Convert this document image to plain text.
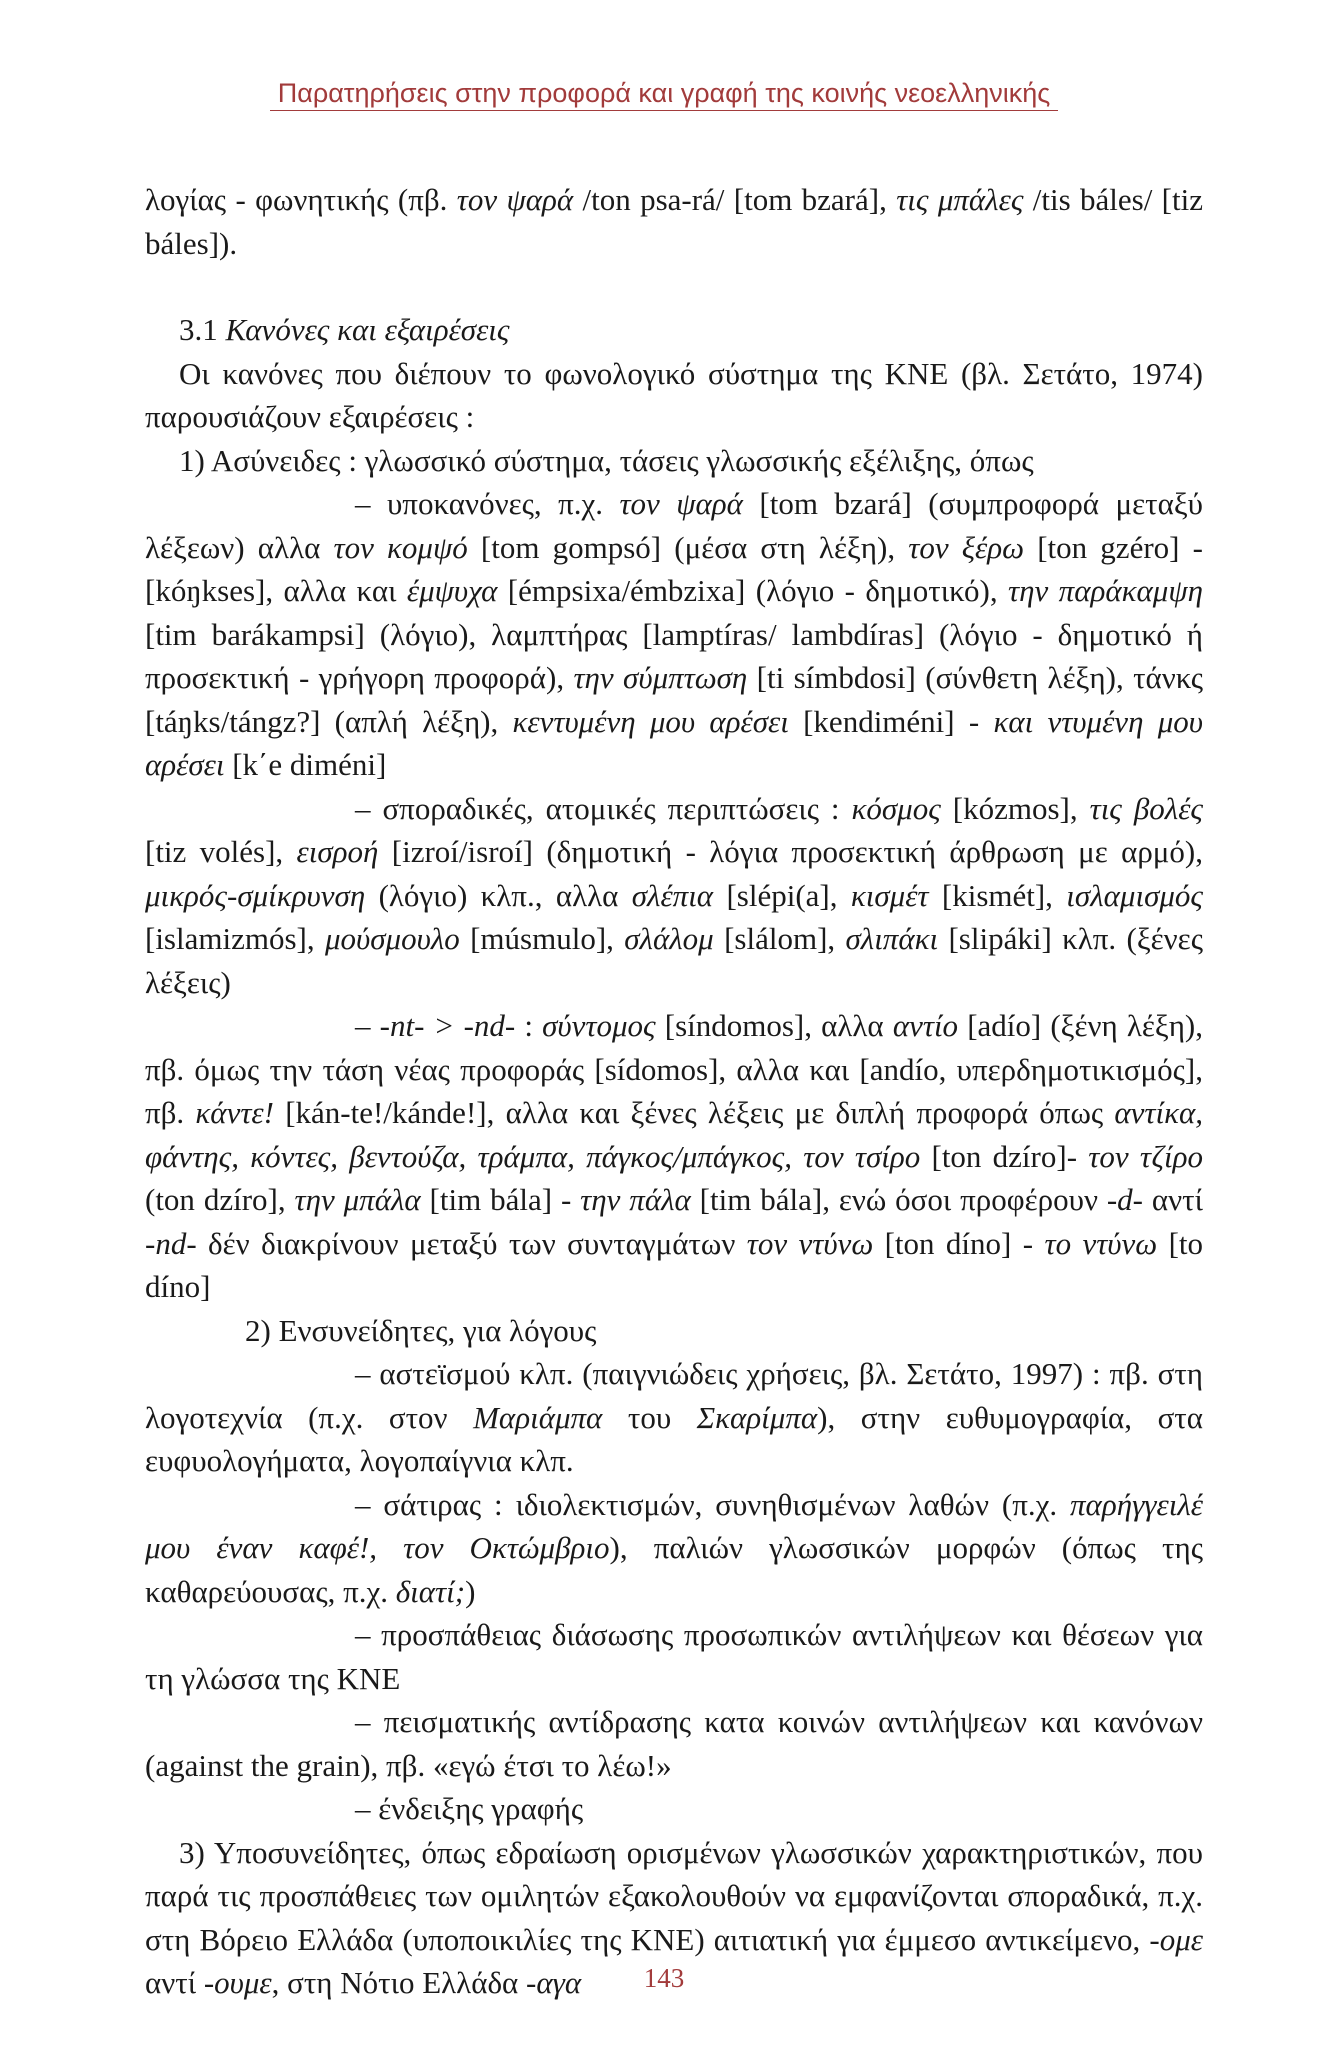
Παρατηρήσεις στην προφορά και γραφή της κοινής νεοελληνικής

λογίας - φωνητικής (πβ. τον ψαρά /ton psa-rá/ [tom bzará], τις μπάλες /tis báles/ [tiz báles]).

3.1 Κανόνες και εξαιρέσεις

Οι κανόνες που διέπουν το φωνολογικό σύστημα της ΚΝΕ (βλ. Σετάτο, 1974) παρουσιάζουν εξαιρέσεις :

1) Ασύνειδες : γλωσσικό σύστημα, τάσεις γλωσσικής εξέλιξης, όπως

– υποκανόνες, π.χ. τον ψαρά [tom bzará] (συμπροφορά μεταξύ λέξεων) αλλα τον κομψό [tom gompsó] (μέσα στη λέξη), τον ξέρω [ton gzéro] - [kóŋkses], αλλα και έμψυχα [émpsixa/émbzixa] (λόγιο - δημοτικό), την παράκαμψη [tim barákampsi] (λόγιο), λαμπτήρας [lamptíras/ lambdíras] (λόγιο - δημοτικό ή προσεκτική - γρήγορη προφορά), την σύμπτωση [ti símbdosi] (σύνθετη λέξη), τάνκς [táŋks/tángz?] (απλή λέξη), κεντυμένη μου αρέσει [kendiméni] - και ντυμένη μου αρέσει [k΄e diméni]

– σποραδικές, ατομικές περιπτώσεις : κόσμος [kózmos], τις βολές [tiz volés], εισροή [izroí/isroí] (δημοτική - λόγια προσεκτική άρθρωση με αρμό), μικρός-σμίκρυνση (λόγιο) κλπ., αλλα σλέπια [slépi(a], κισμέτ [kismét], ισλαμισμός [islamizmós], μούσμουλο [músmulo], σλάλομ [slálom], σλιπάκι [slipáki] κλπ. (ξένες λέξεις)

– -nt- > -nd- : σύντομος [síndomos], αλλα αντίο [adío] (ξένη λέξη), πβ. όμως την τάση νέας προφοράς [sídomos], αλλα και [andío, υπερδημοτικισμός], πβ. κάντε! [kán-te!/kánde!], αλλα και ξένες λέξεις με διπλή προφορά όπως αντίκα, φάντης, κόντες, βεντούζα, τράμπα, πάγκος/μπάγκος, τον τσίρο [ton dzíro]- τον τζίρο (ton dzíro], την μπάλα [tim bála] - την πάλα [tim bála], ενώ όσοι προφέρουν -d- αντί -nd- δέν διακρίνουν μεταξύ των συνταγμάτων τον ντύνω [ton díno] - το ντύνω [to díno]

2) Ενσυνείδητες, για λόγους

– αστεϊσμού κλπ. (παιγνιώδεις χρήσεις, βλ. Σετάτο, 1997) : πβ. στη λογοτεχνία (π.χ. στον Μαριάμπα του Σκαρίμπα), στην ευθυμογραφία, στα ευφυολογήματα, λογοπαίγνια κλπ.

– σάτιρας : ιδιολεκτισμών, συνηθισμένων λαθών (π.χ. παρήγγειλέ μου έναν καφέ!, τον Οκτώμβριο), παλιών γλωσσικών μορφών (όπως της καθαρεύουσας, π.χ. διατί;)

– προσπάθειας διάσωσης προσωπικών αντιλήψεων και θέσεων για τη γλώσσα της ΚΝΕ

– πεισματικής αντίδρασης κατα κοινών αντιλήψεων και κανόνων (against the grain), πβ. «εγώ έτσι το λέω!»

– ένδειξης γραφής

3) Υποσυνείδητες, όπως εδραίωση ορισμένων γλωσσικών χαρακτηριστικών, που παρά τις προσπάθειες των ομιλητών εξακολουθούν να εμφανίζονται σποραδικά, π.χ. στη Βόρειο Ελλάδα (υποποικιλίες της ΚΝΕ) αιτιατική για έμμεσο αντικείμενο, -ομε αντί -ουμε, στη Νότιο Ελλάδα -αγα	143
